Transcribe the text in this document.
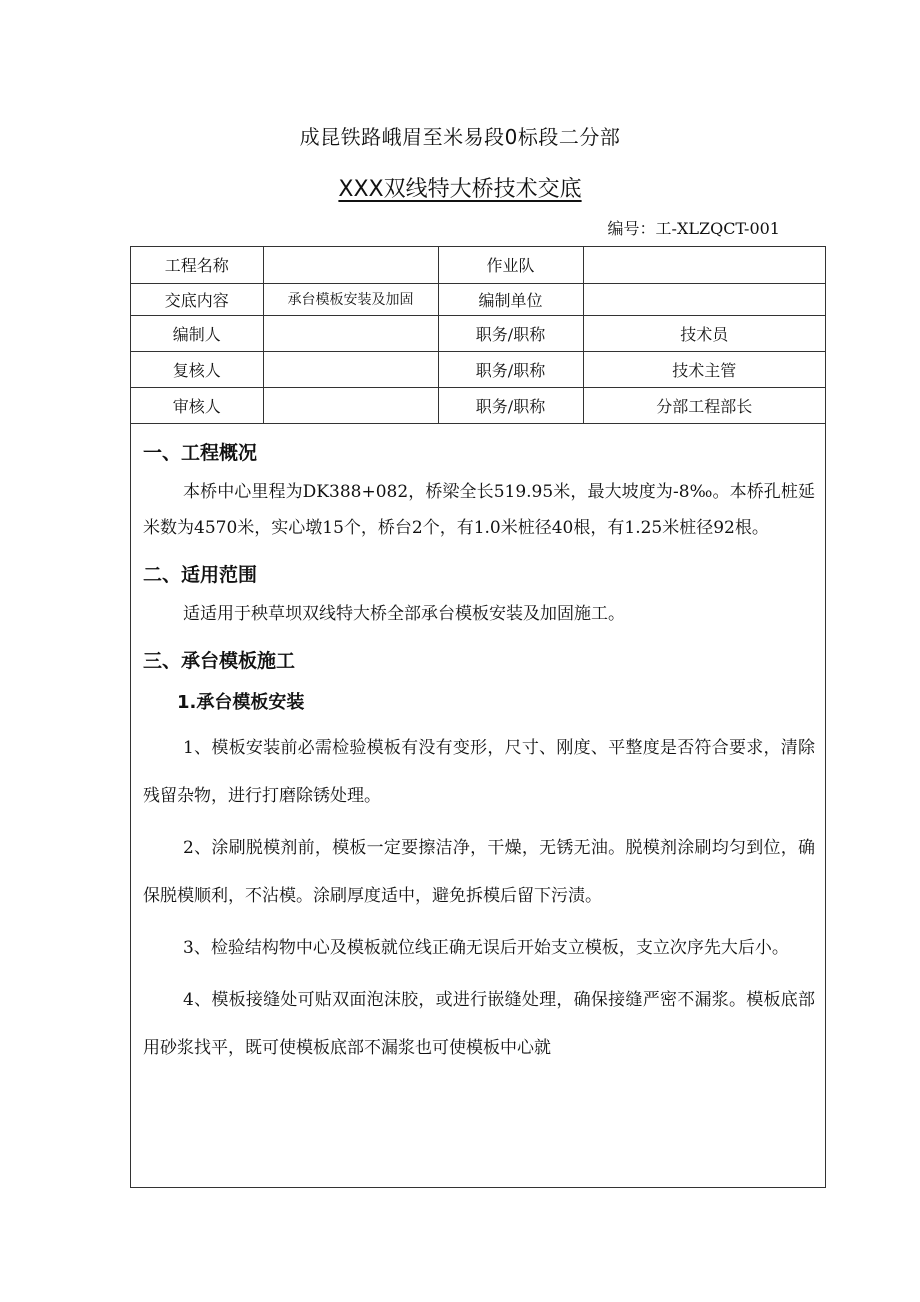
成昆铁路峨眉至米易段0标段二分部
XXX双线特大桥技术交底
编号：工-XLZQCT-001
工程名称		作业队	
交底内容	承台模板安装及加固	编制单位	
编制人		职务/职称	技术员
复核人		职务/职称	技术主管
审核人		职务/职称	分部工程部长
一、工程概况

本桥中心里程为DK388+082，桥梁全长519.95米，最大坡度为-8‰。本桥孔桩延米数为4570米，实心墩15个，桥台2个，有1.0米桩径40根，有1.25米桩径92根。

二、适用范围

适适用于秧草坝双线特大桥全部承台模板安装及加固施工。

三、承台模板施工
1.承台模板安装

1、模板安装前必需检验模板有没有变形，尺寸、刚度、平整度是否符合要求，清除残留杂物，进行打磨除锈处理。

2、涂刷脱模剂前，模板一定要擦洁净，干燥，无锈无油。脱模剂涂刷均匀到位，确保脱模顺利，不沾模。涂刷厚度适中，避免拆模后留下污渍。

3、检验结构物中心及模板就位线正确无误后开始支立模板，支立次序先大后小。

4、模板接缝处可贴双面泡沫胶，或进行嵌缝处理，确保接缝严密不漏浆。模板底部用砂浆找平，既可使模板底部不漏浆也可使模板中心就
